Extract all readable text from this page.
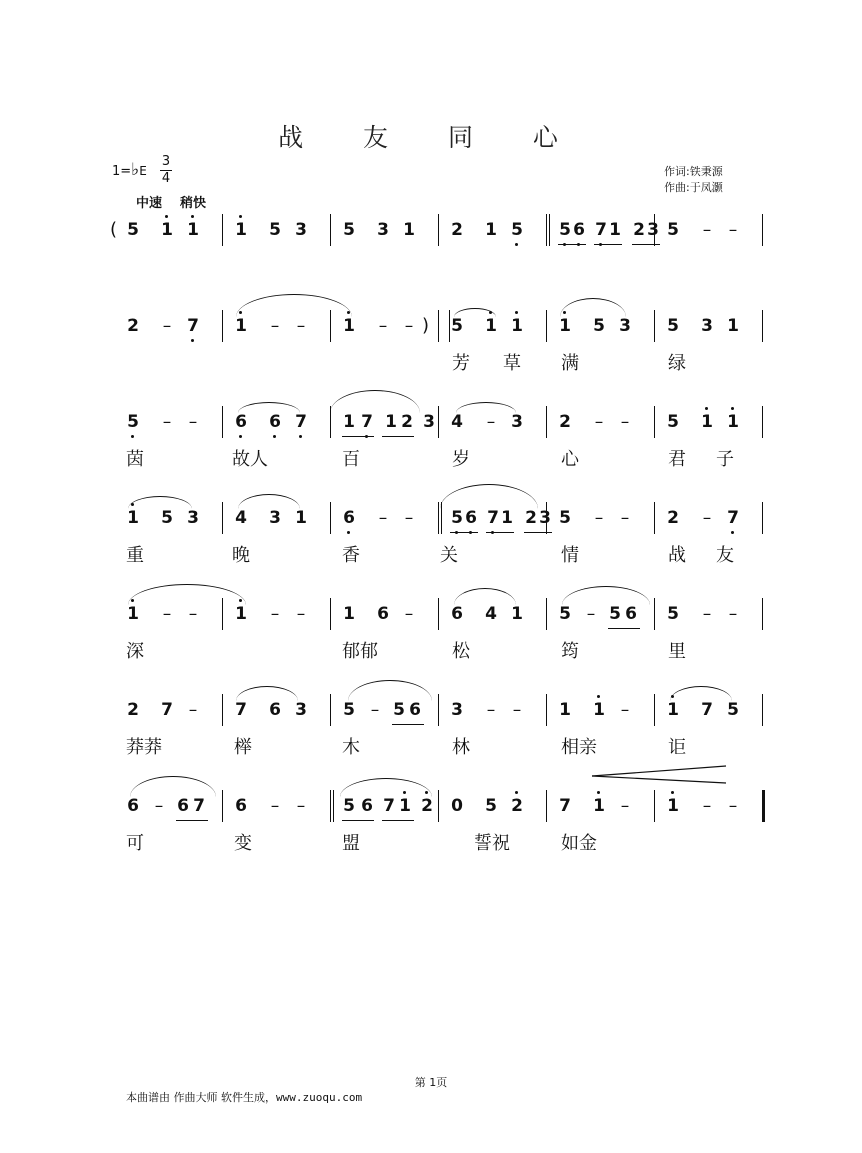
战 友 同 心
1=♭E
3
4
中速 稍快
作词:铁秉源
作曲:于凤灏
( 5 1 1 1 5 3 5 3 1 2 1 5 5 6 7 1 2 3 5 – –
)
2 – 7 1 – – 1 – – 5 1 1 1 5 3 5 3 1
芳 草 满	绿
5 – – 6 6 7 1 7 1 2 3 4 – 3 2 – – 5 1 1
茵	故人	百	岁	心	君 子
1 5 3 4 3 1 6 – – 5 6 7 1 2 3 5 – – 2 – 7
重	晚	香	关	情	战 友
1 – – 1 – – 1 6 – 6 4 1 5 – 5 6 5 – –
深	郁郁	松	筠	里
2 7 – 7 6 3 5 – 5 6 3 – – 1 1 – 1 7 5
莽莽	榉	木	林	相亲	讵
6 – 6 7 6 – – 5 6 7 1 2 0 5 2 7 1 – 1 – –
可	变	盟	誓祝	如金
第 1页
本曲谱由 作曲大师 软件生成，www.zuoqu.com
